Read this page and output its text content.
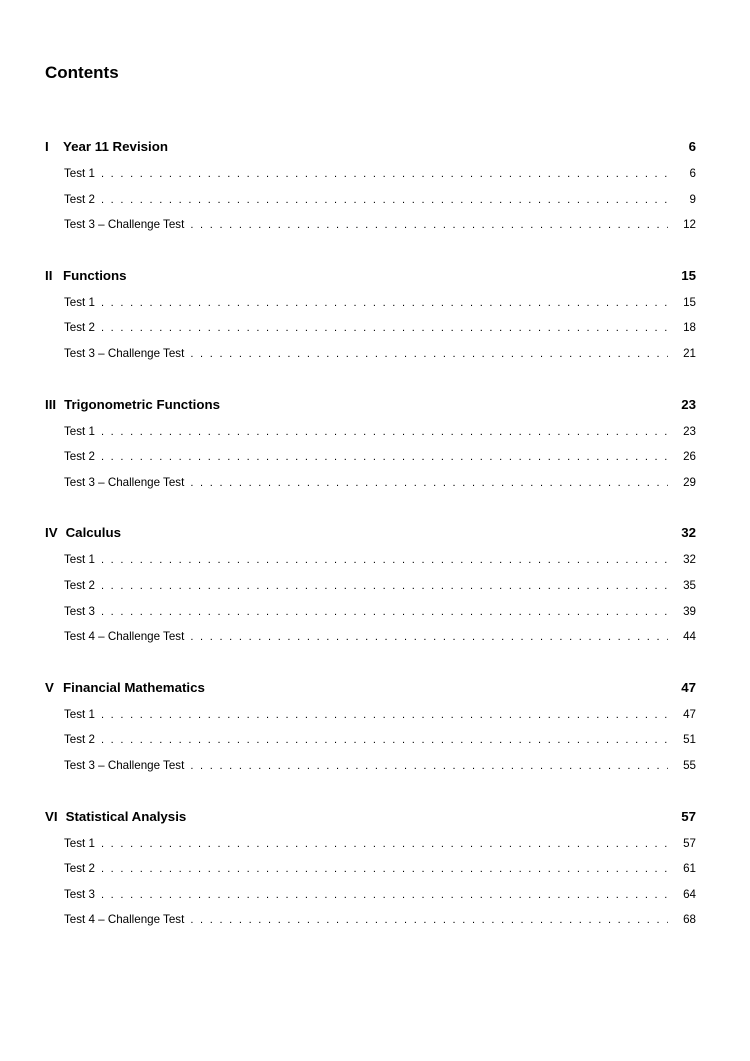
Contents
I	Year 11 Revision	6
Test 1 . . .	6
Test 2 . . .	9
Test 3 – Challenge Test . . .	12
II Functions	15
Test 1 . . .	15
Test 2 . . .	18
Test 3 – Challenge Test . . .	21
III Trigonometric Functions	23
Test 1 . . .	23
Test 2 . . .	26
Test 3 – Challenge Test . . .	29
IV Calculus	32
Test 1 . . .	32
Test 2 . . .	35
Test 3 . . .	39
Test 4 – Challenge Test . . .	44
V Financial Mathematics	47
Test 1 . . .	47
Test 2 . . .	51
Test 3 – Challenge Test . . .	55
VI Statistical Analysis	57
Test 1 . . .	57
Test 2 . . .	61
Test 3 . . .	64
Test 4 – Challenge Test . . .	68
